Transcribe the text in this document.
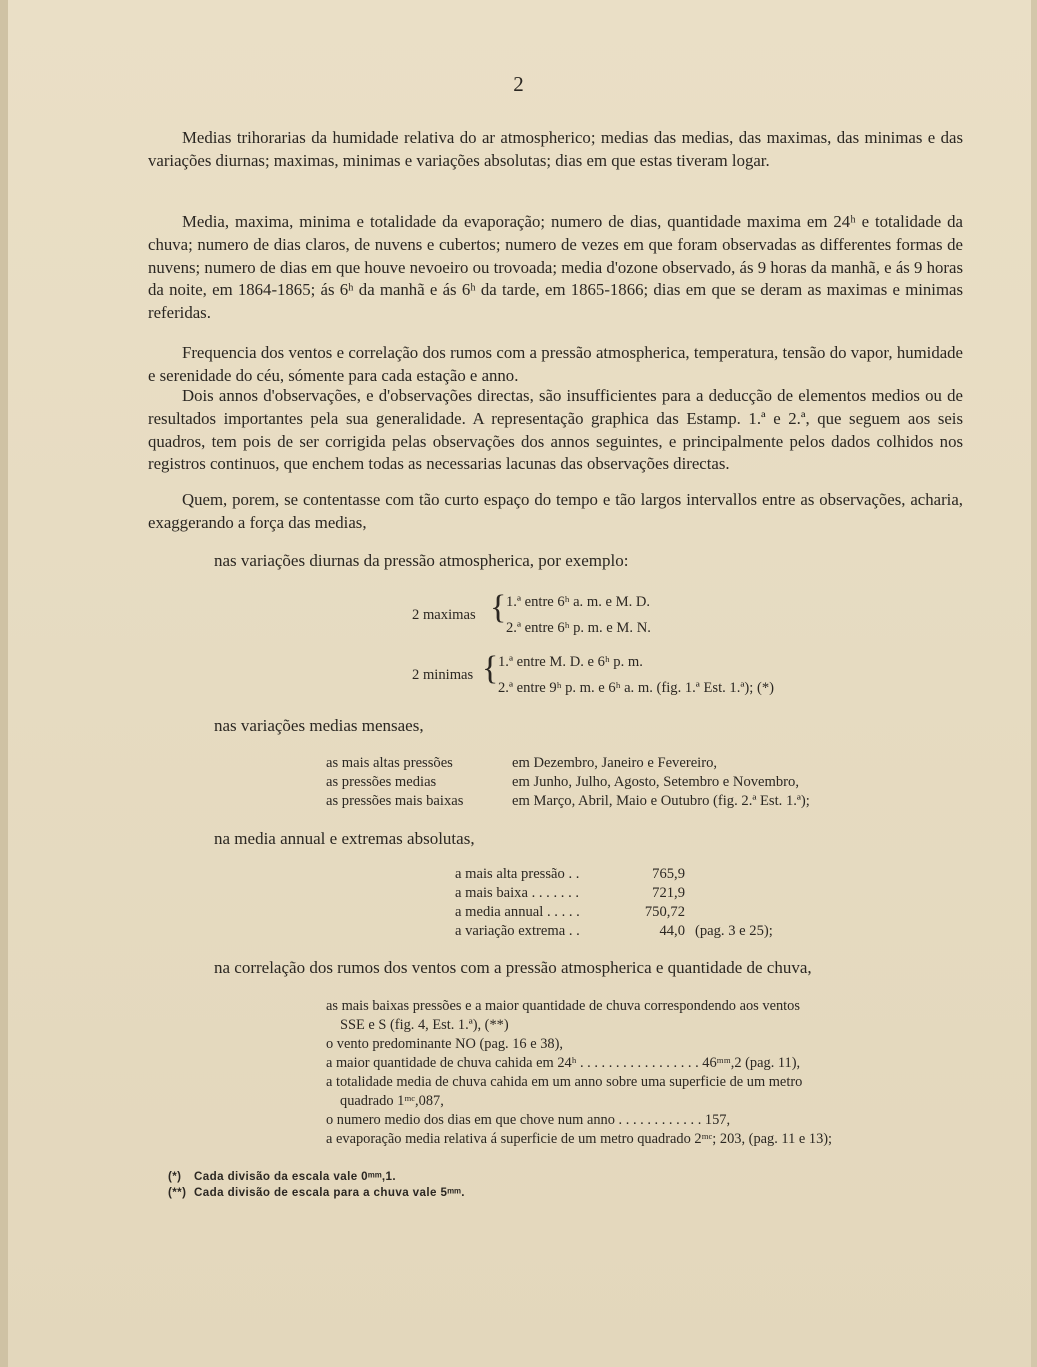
2
Medias trihorarias da humidade relativa do ar atmospherico; medias das medias, das maximas, das minimas e das variações diurnas; maximas, minimas e variações absolutas; dias em que estas tiveram logar.
Media, maxima, minima e totalidade da evaporação; numero de dias, quantidade maxima em 24ʰ e totalidade da chuva; numero de dias claros, de nuvens e cubertos; numero de vezes em que foram observadas as differentes formas de nuvens; numero de dias em que houve nevoeiro ou trovoada; media d'ozone observado, ás 9 horas da manhã, e ás 9 horas da noite, em 1864-1865; ás 6ʰ da manhã e ás 6ʰ da tarde, em 1865-1866; dias em que se deram as maximas e minimas referidas.
Frequencia dos ventos e correlação dos rumos com a pressão atmospherica, temperatura, tensão do vapor, humidade e serenidade do céu, sómente para cada estação e anno.
Dois annos d'observações, e d'observações directas, são insufficientes para a deducção de elementos medios ou de resultados importantes pela sua generalidade. A representação graphica das Estamp. 1.ª e 2.ª, que seguem aos seis quadros, tem pois de ser corrigida pelas observações dos annos seguintes, e principalmente pelos dados colhidos nos registros continuos, que enchem todas as necessarias lacunas das observações directas.
Quem, porem, se contentasse com tão curto espaço do tempo e tão largos intervallos entre as observações, acharia, exaggerando a força das medias,
nas variações diurnas da pressão atmospherica, por exemplo:
2 maximas { 1.ª entre 6ʰ a. m. e M. D.
2.ª entre 6ʰ p. m. e M. N.
2 minimas { 1.ª entre M. D. e 6ʰ p. m.
2.ª entre 9ʰ p. m. e 6ʰ a. m. (fig. 1.ª Est. 1.ª); (*)
nas variações medias mensaes,
as mais altas pressões	em Dezembro, Janeiro e Fevereiro,
as pressões medias	em Junho, Julho, Agosto, Setembro e Novembro,
as pressões mais baixas	em Março, Abril, Maio e Outubro (fig. 2.ª Est. 1.ª);
na media annual e extremas absolutas,
a mais alta pressão . .	765,9	
a mais baixa . . . . . . .	721,9	
a media annual . . . . .	750,72	
a variação extrema . .	44,0	(pag. 3 e 25);
na correlação dos rumos dos ventos com a pressão atmospherica e quantidade de chuva,
as mais baixas pressões e a maior quantidade de chuva correspondendo aos ventos
SSE e S (fig. 4, Est. 1.ª), (**)
o vento predominante NO (pag. 16 e 38),
a maior quantidade de chuva cahida em 24ʰ . . . . . . . . . . . . . . . . . 46ᵐᵐ,2 (pag. 11),
a totalidade media de chuva cahida em um anno sobre uma superficie de um metro
quadrado 1ᵐᶜ,087,
o numero medio dos dias em que chove num anno . . . . . . . . . . . . 157,
a evaporação media relativa á superficie de um metro quadrado 2ᵐᶜ; 203, (pag. 11 e 13);
(*) Cada divisão da escala vale 0ᵐᵐ,1.
(**) Cada divisão de escala para a chuva vale 5ᵐᵐ.
